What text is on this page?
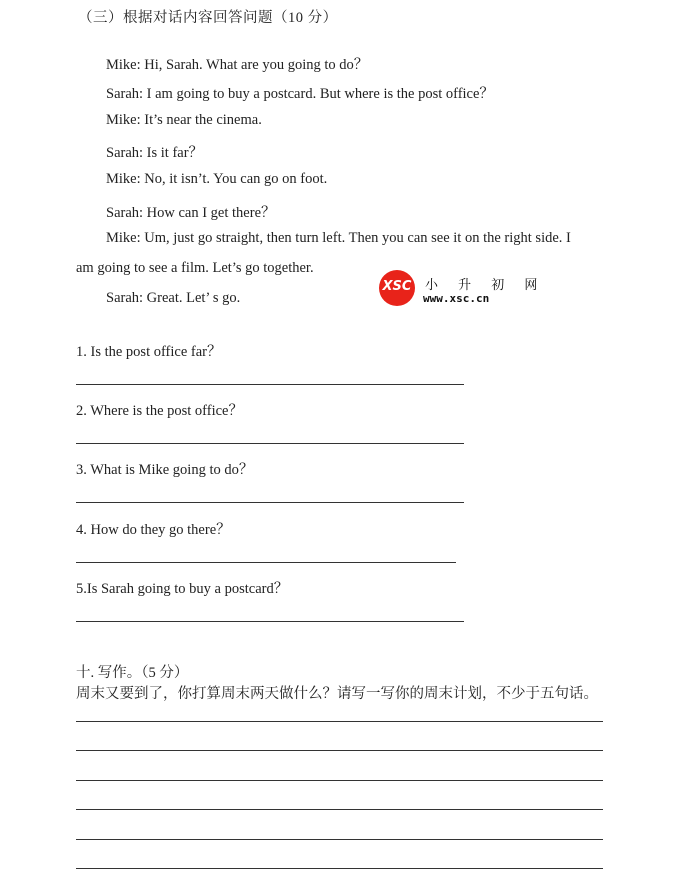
（三）根据对话内容回答问题（10 分）
Mike: Hi, Sarah. What are you going to do？
Sarah: I am going to buy a postcard. But where is the post office？
Mike: It’s near the cinema.
Sarah: Is it far？
Mike: No, it isn’t. You can go on foot.
Sarah: How can I get there？
Mike: Um, just go straight, then turn left. Then you can see it on the right side. I
am going to see a film. Let’s go together.
Sarah: Great. Let’ s go.
XSC 小 升 初 网
www.xsc.cn
1. Is the post office far？
2. Where is the post office？
3. What is Mike going to do？
4. How do they go there？
5.Is Sarah going to buy a postcard？
十. 写作。（5 分）
周末又要到了，你打算周末两天做什么？请写一写你的周末计划，不少于五句话。
